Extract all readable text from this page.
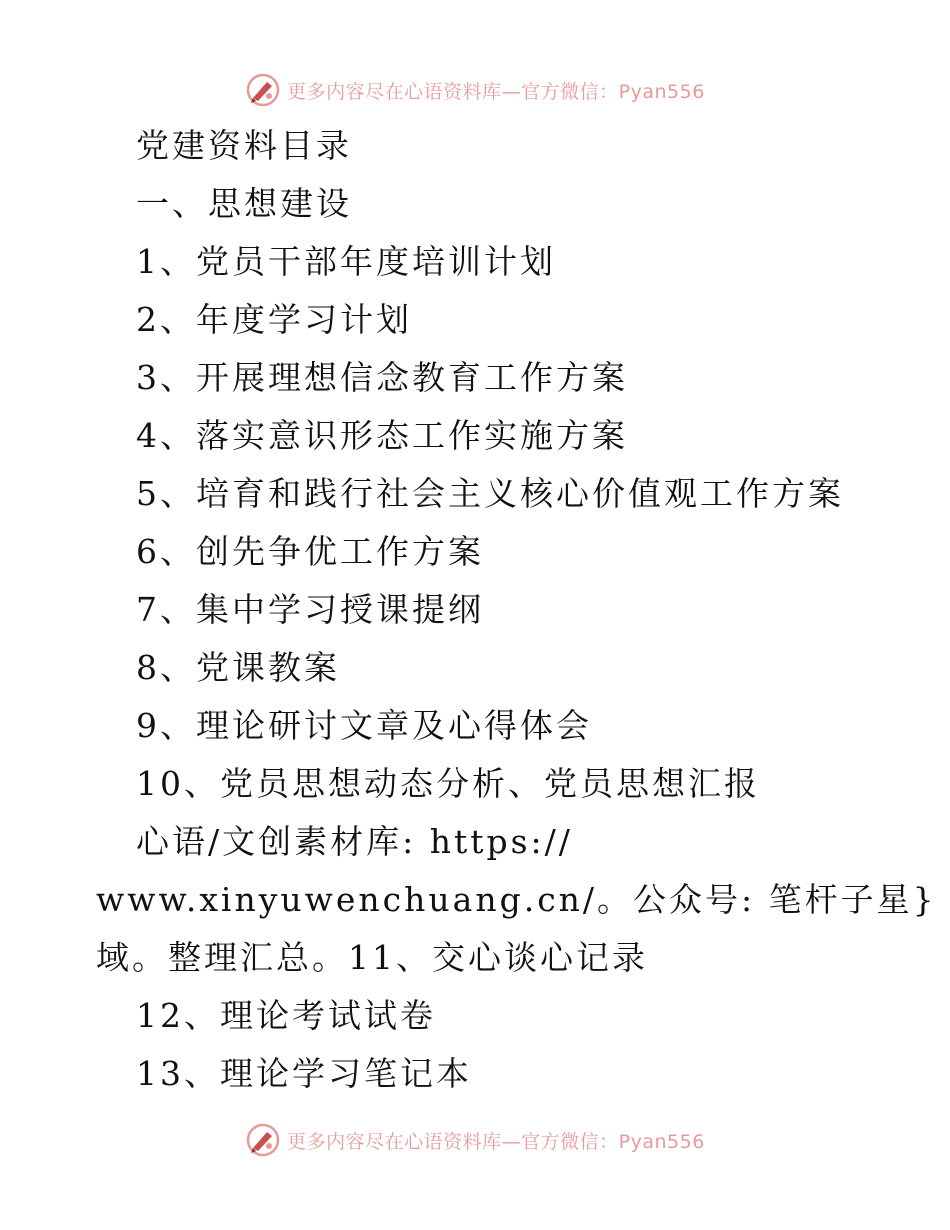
更多内容尽在心语资料库—官方微信：Pyan556
党建资料目录
一、思想建设
1、党员干部年度培训计划
2、年度学习计划
3、开展理想信念教育工作方案
4、落实意识形态工作实施方案
5、培育和践行社会主义核心价值观工作方案
6、创先争优工作方案
7、集中学习授课提纲
8、党课教案
9、理论研讨文章及心得体会
10、党员思想动态分析、党员思想汇报
心语/文创素材库: https://
www.xinyuwenchuang.cn/。公众号: 笔杆子星}
域。整理汇总。11、交心谈心记录
12、理论考试试卷
13、理论学习笔记本
更多内容尽在心语资料库—官方微信：Pyan556
